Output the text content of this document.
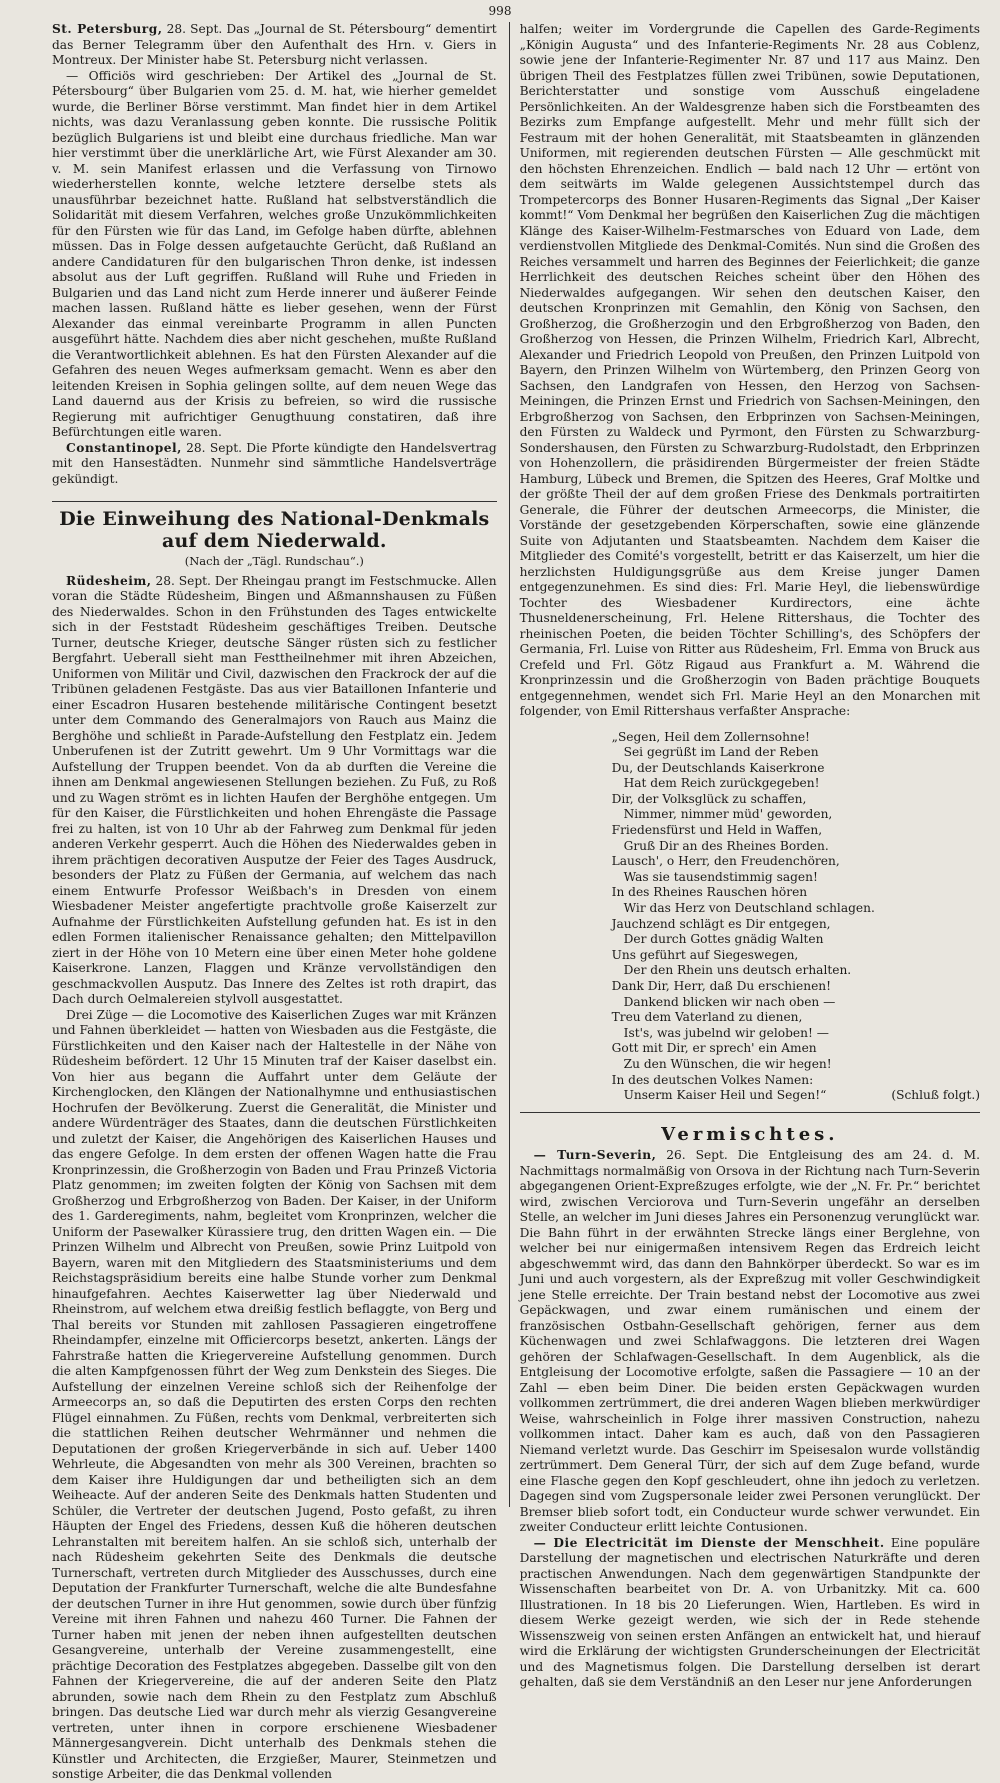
998

St. Petersburg, 28. Sept. Das „Journal de St. Pétersbourg“ dementirt das Berner Telegramm über den Aufenthalt des Hrn. v. Giers in Montreux. Der Minister habe St. Petersburg nicht verlassen.

— Officiös wird geschrieben: Der Artikel des „Journal de St. Pétersbourg“ über Bulgarien vom 25. d. M. hat, wie hierher gemeldet wurde, die Berliner Börse verstimmt. Man findet hier in dem Artikel nichts, was dazu Veranlassung geben konnte. Die russische Politik bezüglich Bulgariens ist und bleibt eine durchaus friedliche. Man war hier verstimmt über die unerklärliche Art, wie Fürst Alexander am 30. v. M. sein Manifest erlassen und die Verfassung von Tirnowo wiederherstellen konnte, welche letztere derselbe stets als unausführbar bezeichnet hatte. Rußland hat selbstverständlich die Solidarität mit diesem Verfahren, welches große Unzukömmlichkeiten für den Fürsten wie für das Land, im Gefolge haben dürfte, ablehnen müssen. Das in Folge dessen aufgetauchte Gerücht, daß Rußland an andere Candidaturen für den bulgarischen Thron denke, ist indessen absolut aus der Luft gegriffen. Rußland will Ruhe und Frieden in Bulgarien und das Land nicht zum Herde innerer und äußerer Feinde machen lassen. Rußland hätte es lieber gesehen, wenn der Fürst Alexander das einmal vereinbarte Programm in allen Puncten ausgeführt hätte. Nachdem dies aber nicht geschehen, mußte Rußland die Verantwortlichkeit ablehnen. Es hat den Fürsten Alexander auf die Gefahren des neuen Weges aufmerksam gemacht. Wenn es aber den leitenden Kreisen in Sophia gelingen sollte, auf dem neuen Wege das Land dauernd aus der Krisis zu befreien, so wird die russische Regierung mit aufrichtiger Genugthuung constatiren, daß ihre Befürchtungen eitle waren.

Constantinopel, 28. Sept. Die Pforte kündigte den Handelsvertrag mit den Hansestädten. Nunmehr sind sämmtliche Handelsverträge gekündigt.

Die Einweihung des National-Denkmals auf dem Niederwald.
(Nach der „Tägl. Rundschau“.)

Rüdesheim, 28. Sept. Der Rheingau prangt im Festschmucke. Allen voran die Städte Rüdesheim, Bingen und Aßmannshausen zu Füßen des Niederwaldes. Schon in den Frühstunden des Tages entwickelte sich in der Feststadt Rüdesheim geschäftiges Treiben. Deutsche Turner, deutsche Krieger, deutsche Sänger rüsten sich zu festlicher Bergfahrt. Ueberall sieht man Festtheilnehmer mit ihren Abzeichen, Uniformen von Militär und Civil, dazwischen den Frackrock der auf die Tribünen geladenen Festgäste. Das aus vier Bataillonen Infanterie und einer Escadron Husaren bestehende militärische Contingent besetzt unter dem Commando des Generalmajors von Rauch aus Mainz die Berghöhe und schließt in Parade-Aufstellung den Festplatz ein. Jedem Unberufenen ist der Zutritt gewehrt. Um 9 Uhr Vormittags war die Aufstellung der Truppen beendet. Von da ab durften die Vereine die ihnen am Denkmal angewiesenen Stellungen beziehen. Zu Fuß, zu Roß und zu Wagen strömt es in lichten Haufen der Berghöhe entgegen. Um für den Kaiser, die Fürstlichkeiten und hohen Ehrengäste die Passage frei zu halten, ist von 10 Uhr ab der Fahrweg zum Denkmal für jeden anderen Verkehr gesperrt. Auch die Höhen des Niederwaldes geben in ihrem prächtigen decorativen Ausputze der Feier des Tages Ausdruck, besonders der Platz zu Füßen der Germania, auf welchem das nach einem Entwurfe Professor Weißbach's in Dresden von einem Wiesbadener Meister angefertigte prachtvolle große Kaiserzelt zur Aufnahme der Fürstlichkeiten Aufstellung gefunden hat. Es ist in den edlen Formen italienischer Renaissance gehalten; den Mittelpavillon ziert in der Höhe von 10 Metern eine über einen Meter hohe goldene Kaiserkrone. Lanzen, Flaggen und Kränze vervollständigen den geschmackvollen Ausputz. Das Innere des Zeltes ist roth drapirt, das Dach durch Oelmalereien stylvoll ausgestattet.

Drei Züge — die Locomotive des Kaiserlichen Zuges war mit Kränzen und Fahnen überkleidet — hatten von Wiesbaden aus die Festgäste, die Fürstlichkeiten und den Kaiser nach der Haltestelle in der Nähe von Rüdesheim befördert. 12 Uhr 15 Minuten traf der Kaiser daselbst ein. Von hier aus begann die Auffahrt unter dem Geläute der Kirchenglocken, den Klängen der Nationalhymne und enthusiastischen Hochrufen der Bevölkerung. Zuerst die Generalität, die Minister und andere Würdenträger des Staates, dann die deutschen Fürstlichkeiten und zuletzt der Kaiser, die Angehörigen des Kaiserlichen Hauses und das engere Gefolge. In dem ersten der offenen Wagen hatte die Frau Kronprinzessin, die Großherzogin von Baden und Frau Prinzeß Victoria Platz genommen; im zweiten folgten der König von Sachsen mit dem Großherzog und Erbgroßherzog von Baden. Der Kaiser, in der Uniform des 1. Garderegiments, nahm, begleitet vom Kronprinzen, welcher die Uniform der Pasewalker Kürassiere trug, den dritten Wagen ein. — Die Prinzen Wilhelm und Albrecht von Preußen, sowie Prinz Luitpold von Bayern, waren mit den Mitgliedern des Staatsministeriums und dem Reichstagspräsidium bereits eine halbe Stunde vorher zum Denkmal hinaufgefahren. Aechtes Kaiserwetter lag über Niederwald und Rheinstrom, auf welchem etwa dreißig festlich beflaggte, von Berg und Thal bereits vor Stunden mit zahllosen Passagieren eingetroffene Rheindampfer, einzelne mit Officiercorps besetzt, ankerten. Längs der Fahrstraße hatten die Kriegervereine Aufstellung genommen. Durch die alten Kampfgenossen führt der Weg zum Denkstein des Sieges. Die Aufstellung der einzelnen Vereine schloß sich der Reihenfolge der Armeecorps an, so daß die Deputirten des ersten Corps den rechten Flügel einnahmen. Zu Füßen, rechts vom Denkmal, verbreiterten sich die stattlichen Reihen deutscher Wehrmänner und nehmen die Deputationen der großen Kriegerverbände in sich auf. Ueber 1400 Wehrleute, die Abgesandten von mehr als 300 Vereinen, brachten so dem Kaiser ihre Huldigungen dar und betheiligten sich an dem Weiheacte. Auf der anderen Seite des Denkmals hatten Studenten und Schüler, die Vertreter der deutschen Jugend, Posto gefaßt, zu ihren Häupten der Engel des Friedens, dessen Kuß die höheren deutschen Lehranstalten mit bereitem halfen. An sie schloß sich, unterhalb der nach Rüdesheim gekehrten Seite des Denkmals die deutsche Turnerschaft, vertreten durch Mitglieder des Ausschusses, durch eine Deputation der Frankfurter Turnerschaft, welche die alte Bundesfahne der deutschen Turner in ihre Hut genommen, sowie durch über fünfzig Vereine mit ihren Fahnen und nahezu 460 Turner. Die Fahnen der Turner haben mit jenen der neben ihnen aufgestellten deutschen Gesangvereine, unterhalb der Vereine zusammengestellt, eine prächtige Decoration des Festplatzes abgegeben. Dasselbe gilt von den Fahnen der Kriegervereine, die auf der anderen Seite den Platz abrunden, sowie nach dem Rhein zu den Festplatz zum Abschluß bringen. Das deutsche Lied war durch mehr als vierzig Gesangvereine vertreten, unter ihnen in corpore erschienene Wiesbadener Männergesangverein. Dicht unterhalb des Denkmals stehen die Künstler und Architecten, die Erzgießer, Maurer, Steinmetzen und sonstige Arbeiter, die das Denkmal vollenden

halfen; weiter im Vordergrunde die Capellen des Garde-Regiments „Königin Augusta“ und des Infanterie-Regiments Nr. 28 aus Coblenz, sowie jene der Infanterie-Regimenter Nr. 87 und 117 aus Mainz. Den übrigen Theil des Festplatzes füllen zwei Tribünen, sowie Deputationen, Berichterstatter und sonstige vom Ausschuß eingeladene Persönlichkeiten. An der Waldesgrenze haben sich die Forstbeamten des Bezirks zum Empfange aufgestellt. Mehr und mehr füllt sich der Festraum mit der hohen Generalität, mit Staatsbeamten in glänzenden Uniformen, mit regierenden deutschen Fürsten — Alle geschmückt mit den höchsten Ehrenzeichen. Endlich — bald nach 12 Uhr — ertönt von dem seitwärts im Walde gelegenen Aussichtstempel durch das Trompetercorps des Bonner Husaren-Regiments das Signal „Der Kaiser kommt!“ Vom Denkmal her begrüßen den Kaiserlichen Zug die mächtigen Klänge des Kaiser-Wilhelm-Festmarsches von Eduard von Lade, dem verdienstvollen Mitgliede des Denkmal-Comités. Nun sind die Großen des Reiches versammelt und harren des Beginnes der Feierlichkeit; die ganze Herrlichkeit des deutschen Reiches scheint über den Höhen des Niederwaldes aufgegangen. Wir sehen den deutschen Kaiser, den deutschen Kronprinzen mit Gemahlin, den König von Sachsen, den Großherzog, die Großherzogin und den Erbgroßherzog von Baden, den Großherzog von Hessen, die Prinzen Wilhelm, Friedrich Karl, Albrecht, Alexander und Friedrich Leopold von Preußen, den Prinzen Luitpold von Bayern, den Prinzen Wilhelm von Würtemberg, den Prinzen Georg von Sachsen, den Landgrafen von Hessen, den Herzog von Sachsen-Meiningen, die Prinzen Ernst und Friedrich von Sachsen-Meiningen, den Erbgroßherzog von Sachsen, den Erbprinzen von Sachsen-Meiningen, den Fürsten zu Waldeck und Pyrmont, den Fürsten zu Schwarzburg-Sondershausen, den Fürsten zu Schwarzburg-Rudolstadt, den Erbprinzen von Hohenzollern, die präsidirenden Bürgermeister der freien Städte Hamburg, Lübeck und Bremen, die Spitzen des Heeres, Graf Moltke und der größte Theil der auf dem großen Friese des Denkmals portraitirten Generale, die Führer der deutschen Armeecorps, die Minister, die Vorstände der gesetzgebenden Körperschaften, sowie eine glänzende Suite von Adjutanten und Staatsbeamten. Nachdem dem Kaiser die Mitglieder des Comité's vorgestellt, betritt er das Kaiserzelt, um hier die herzlichsten Huldigungsgrüße aus dem Kreise junger Damen entgegenzunehmen. Es sind dies: Frl. Marie Heyl, die liebenswürdige Tochter des Wiesbadener Kurdirectors, eine ächte Thusneldenerscheinung, Frl. Helene Rittershaus, die Tochter des rheinischen Poeten, die beiden Töchter Schilling's, des Schöpfers der Germania, Frl. Luise von Ritter aus Rüdesheim, Frl. Emma von Bruck aus Crefeld und Frl. Götz Rigaud aus Frankfurt a. M. Während die Kronprinzessin und die Großherzogin von Baden prächtige Bouquets entgegennehmen, wendet sich Frl. Marie Heyl an den Monarchen mit folgender, von Emil Rittershaus verfaßter Ansprache:

„Segen, Heil dem Zollernsohne!
Sei gegrüßt im Land der Reben
Du, der Deutschlands Kaiserkrone
Hat dem Reich zurückgegeben!
Dir, der Volksglück zu schaffen,
Nimmer, nimmer müd' geworden,
Friedensfürst und Held in Waffen,
Gruß Dir an des Rheines Borden.
Lausch', o Herr, den Freudenchören,
Was sie tausendstimmig sagen!
In des Rheines Rauschen hören
Wir das Herz von Deutschland schlagen.
Jauchzend schlägt es Dir entgegen,
Der durch Gottes gnädig Walten
Uns geführt auf Siegeswegen,
Der den Rhein uns deutsch erhalten.
Dank Dir, Herr, daß Du erschienen!
Dankend blicken wir nach oben —
Treu dem Vaterland zu dienen,
Ist's, was jubelnd wir geloben! —
Gott mit Dir, er sprech' ein Amen
Zu den Wünschen, die wir hegen!
In des deutschen Volkes Namen:
Unserm Kaiser Heil und Segen!“	(Schluß folgt.)
Vermischtes.

— Turn-Severin, 26. Sept. Die Entgleisung des am 24. d. M. Nachmittags normalmäßig von Orsova in der Richtung nach Turn-Severin abgegangenen Orient-Expreßzuges erfolgte, wie der „N. Fr. Pr.“ berichtet wird, zwischen Verciorova und Turn-Severin ungefähr an derselben Stelle, an welcher im Juni dieses Jahres ein Personenzug verunglückt war. Die Bahn führt in der erwähnten Strecke längs einer Berglehne, von welcher bei nur einigermaßen intensivem Regen das Erdreich leicht abgeschwemmt wird, das dann den Bahnkörper überdeckt. So war es im Juni und auch vorgestern, als der Expreßzug mit voller Geschwindigkeit jene Stelle erreichte. Der Train bestand nebst der Locomotive aus zwei Gepäckwagen, und zwar einem rumänischen und einem der französischen Ostbahn-Gesellschaft gehörigen, ferner aus dem Küchenwagen und zwei Schlafwaggons. Die letzteren drei Wagen gehören der Schlafwagen-Gesellschaft. In dem Augenblick, als die Entgleisung der Locomotive erfolgte, saßen die Passagiere — 10 an der Zahl — eben beim Diner. Die beiden ersten Gepäckwagen wurden vollkommen zertrümmert, die drei anderen Wagen blieben merkwürdiger Weise, wahrscheinlich in Folge ihrer massiven Construction, nahezu vollkommen intact. Daher kam es auch, daß von den Passagieren Niemand verletzt wurde. Das Geschirr im Speisesalon wurde vollständig zertrümmert. Dem General Türr, der sich auf dem Zuge befand, wurde eine Flasche gegen den Kopf geschleudert, ohne ihn jedoch zu verletzen. Dagegen sind vom Zugspersonale leider zwei Personen verunglückt. Der Bremser blieb sofort todt, ein Conducteur wurde schwer verwundet. Ein zweiter Conducteur erlitt leichte Contusionen.

— Die Electricität im Dienste der Menschheit. Eine populäre Darstellung der magnetischen und electrischen Naturkräfte und deren practischen Anwendungen. Nach dem gegenwärtigen Standpunkte der Wissenschaften bearbeitet von Dr. A. von Urbanitzky. Mit ca. 600 Illustrationen. In 18 bis 20 Lieferungen. Wien, Hartleben. Es wird in diesem Werke gezeigt werden, wie sich der in Rede stehende Wissenszweig von seinen ersten Anfängen an entwickelt hat, und hierauf wird die Erklärung der wichtigsten Grunderscheinungen der Electricität und des Magnetismus folgen. Die Darstellung derselben ist derart gehalten, daß sie dem Verständniß an den Leser nur jene Anforderungen
